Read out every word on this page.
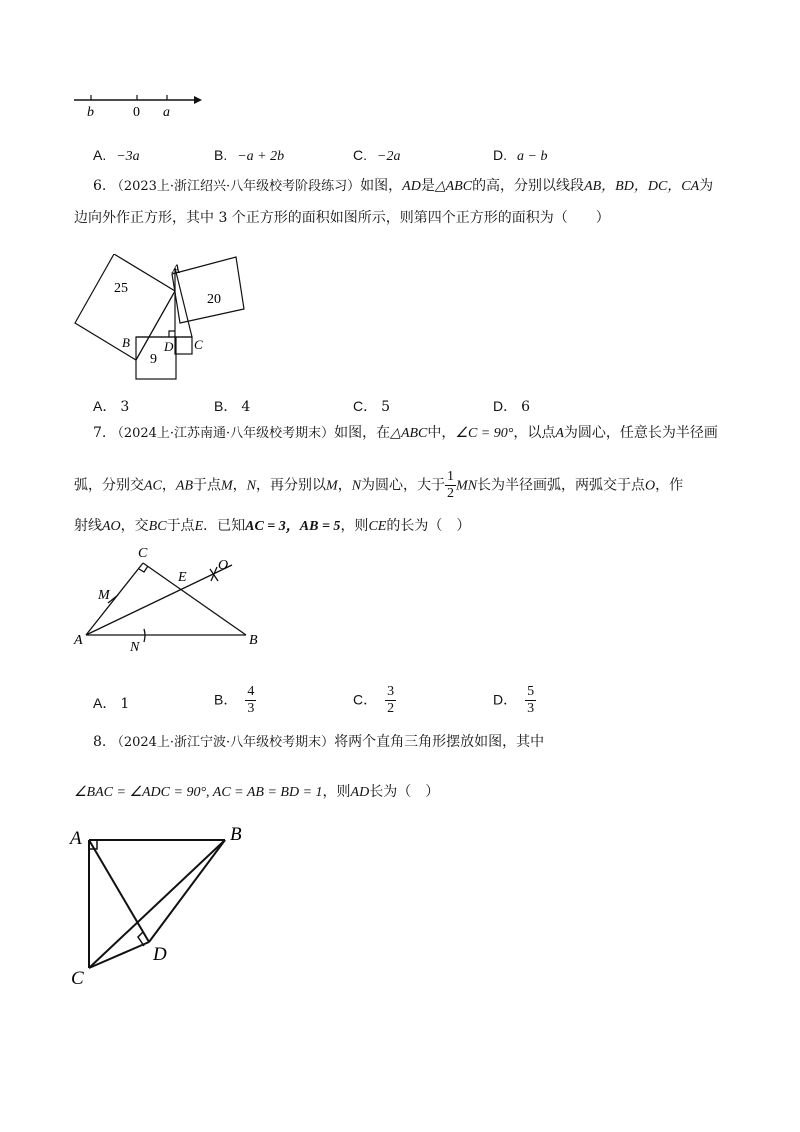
b	0 a
A. −3a	B. −a + 2b	C. −2a	D. a − b
6. （2023上·浙江绍兴·八年级校考阶段练习）如图，AD是△ABC的高，分别以线段AB，BD，DC，CA为
边向外作正方形，其中 3 个正方形的面积如图所示，则第四个正方形的面积为（　　）
25
20
9
A
B	D C
A． 3	B． 4	C． 5	D． 6
7. （2024上·江苏南通·八年级校考期末）如图，在△ABC中，∠C = 90°，以点A为圆心，任意长为半径画
弧，分别交AC，AB于点M，N，再分别以M，N为圆心，大于 $\frac{1}{2}$ MN长为半径画弧，两弧交于点O，作
射线AO，交BC于点E．已知AC = 3，AB = 5，则CE的长为（　）
C
E
O
M
A	N	B
A． 1	B． $\frac{4}{3}$	C． $\frac{3}{2}$	D． $\frac{5}{3}$
8. （2024上·浙江宁波·八年级校考期末）将两个直角三角形摆放如图，其中
∠BAC = ∠ADC = 90°, AC = AB = BD = 1，则AD长为（　）
A	B
D
C
